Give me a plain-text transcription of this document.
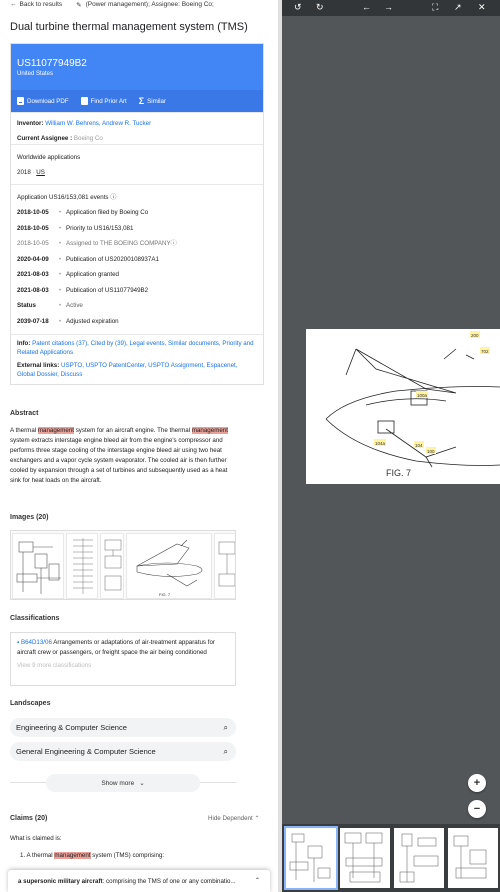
← Back to results ✎ (Power management); Assignee: Boeing Co;
Dual turbine thermal management system (TMS)
US11077949B2
United States
Download PDF	Find Prior Art Σ Similar
Inventor: William W. Behrens, Andrew R. Tucker
Current Assignee : Boeing Co
Worldwide applications
2018 · US
Application US16/153,081 events ⓘ
2018-10-05	• Application filed by Boeing Co
2018-10-05	• Priority to US16/153,081
2018-10-05	• Assigned to THE BOEING COMPANY ⓘ
2020-04-09	• Publication of US20200108937A1
2021-08-03	• Application granted
2021-08-03	• Publication of US11077949B2
Status	• Active
2039-07-18	• Adjusted expiration
Info: Patent citations (37), Cited by (39), Legal events, Similar documents, Priority and Related Applications
External links: USPTO, USPTO PatentCenter, USPTO Assignment, Espacenet, Global Dossier, Discuss
Abstract
A thermal management system for an aircraft engine. The thermal management system extracts interstage engine bleed air from the engine's compressor and performs three stage cooling of the interstage engine bleed air using two heat exchangers and a vapor cycle system evaporator. The cooled air is then further cooled by expansion through a set of turbines and subsequently used as a heat sink for heat loads on the aircraft.
Images (20)
FIG. 7
Classifications
▪ B64D13/06 Arrangements or adaptations of air-treatment apparatus for aircraft crew or passengers, or freight space the air being conditioned
View 9 more classifications
Landscapes
Engineering & Computer Science	⌕
General Engineering & Computer Science	⌕
Show more ⌄
Claims (20)	Hide Dependent ⌃
What is claimed is:
1. A thermal management system (TMS) comprising:
a supersonic military aircraft: comprising the TMS of one or any combinatio...	⌃
↺ ↻	← →	⛶ ↗ ✕
200
702
100a
104a	104
100
FIG. 7
+
−
